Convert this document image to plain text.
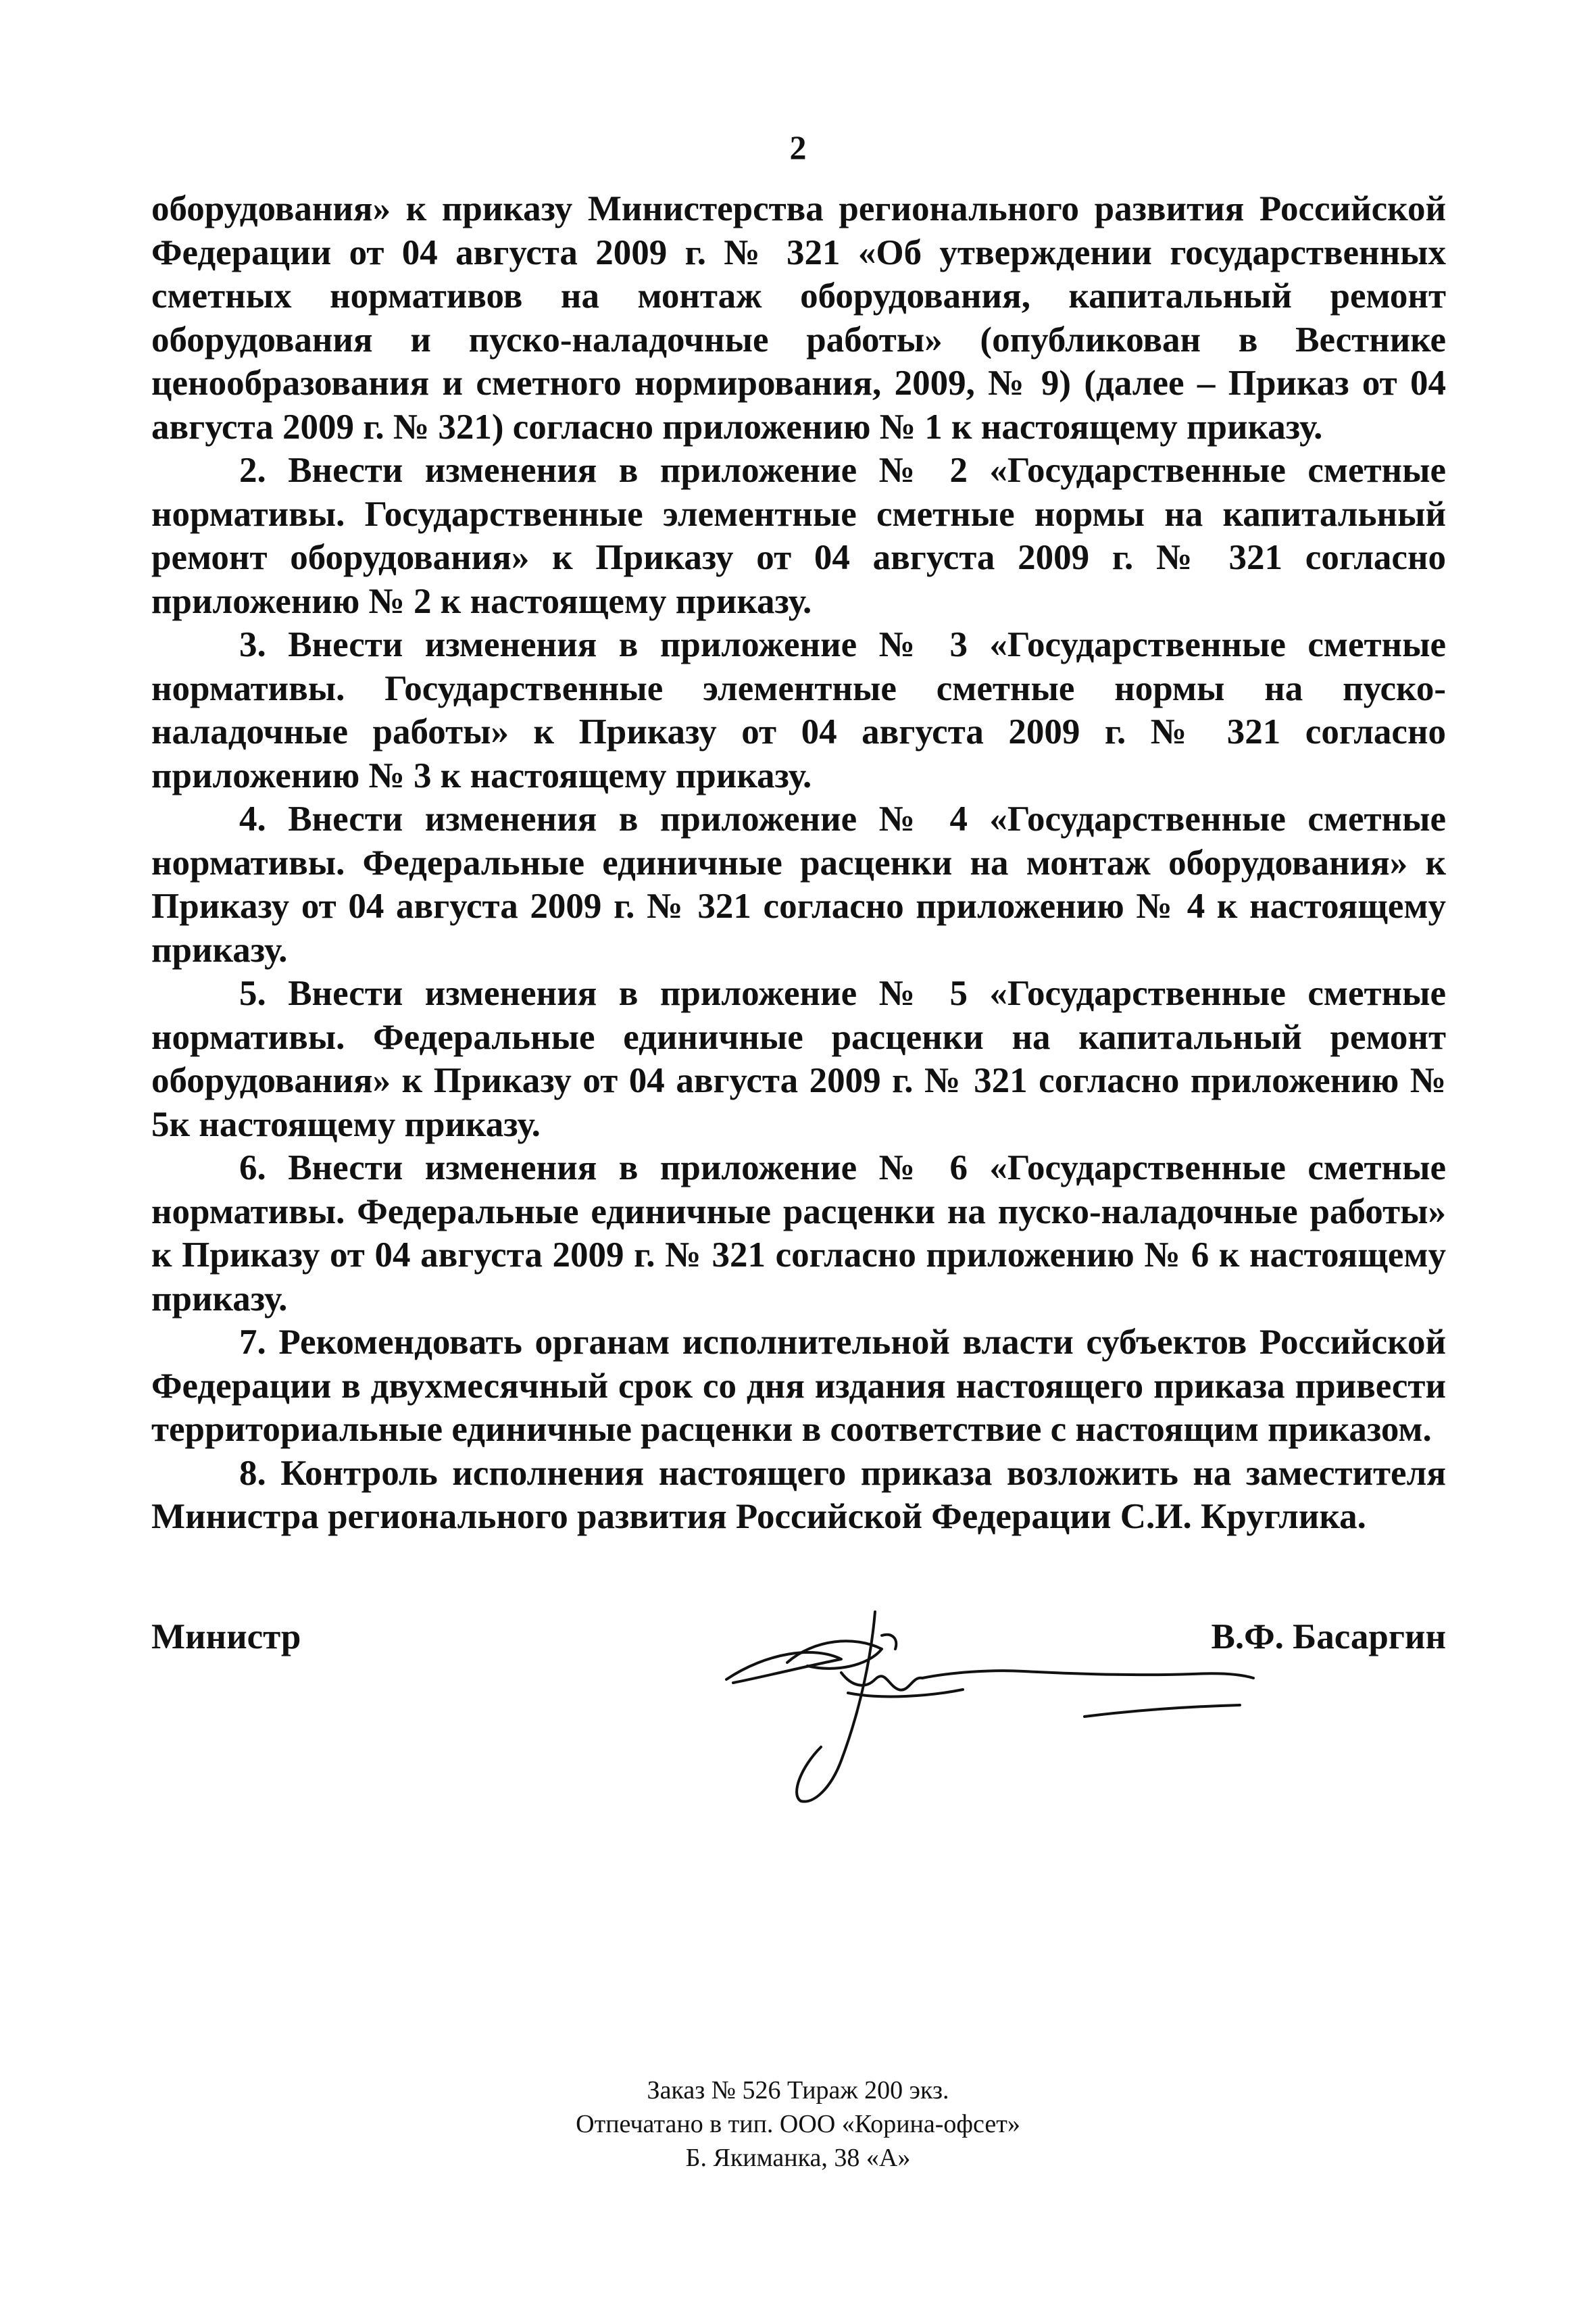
2

оборудования» к приказу Министерства регионального развития Российской Федерации от 04 августа 2009 г. № 321 «Об утверждении государственных сметных нормативов на монтаж оборудования, капитальный ремонт оборудования и пуско-наладочные работы» (опубликован в Вестнике ценообразования и сметного нормирования, 2009, № 9) (далее – Приказ от 04 августа 2009 г. № 321) согласно приложению № 1 к настоящему приказу.

2. Внести изменения в приложение № 2 «Государственные сметные нормативы. Государственные элементные сметные нормы на капитальный ремонт оборудования» к Приказу от 04 августа 2009 г. № 321 согласно приложению № 2 к настоящему приказу.

3. Внести изменения в приложение № 3 «Государственные сметные нормативы. Государственные элементные сметные нормы на пуско-наладочные работы» к Приказу от 04 августа 2009 г. № 321 согласно приложению № 3 к настоящему приказу.

4. Внести изменения в приложение № 4 «Государственные сметные нормативы. Федеральные единичные расценки на монтаж оборудования» к Приказу от 04 августа 2009 г. № 321 согласно приложению № 4 к настоящему приказу.

5. Внести изменения в приложение № 5 «Государственные сметные нормативы. Федеральные единичные расценки на капитальный ремонт оборудования» к Приказу от 04 августа 2009 г. № 321 согласно приложению № 5к настоящему приказу.

6. Внести изменения в приложение № 6 «Государственные сметные нормативы. Федеральные единичные расценки на пуско-наладочные работы» к Приказу от 04 августа 2009 г. № 321 согласно приложению № 6 к настоящему приказу.

7. Рекомендовать органам исполнительной власти субъектов Российской Федерации в двухмесячный срок со дня издания настоящего приказа привести территориальные единичные расценки в соответствие с настоящим приказом.

8. Контроль исполнения настоящего приказа возложить на заместителя Министра регионального развития Российской Федерации С.И. Круглика.

Министр	В.Ф. Басаргин
Заказ № 526 Тираж 200 экз.
Отпечатано в тип. ООО «Корина-офсет»
Б. Якиманка, 38 «А»
